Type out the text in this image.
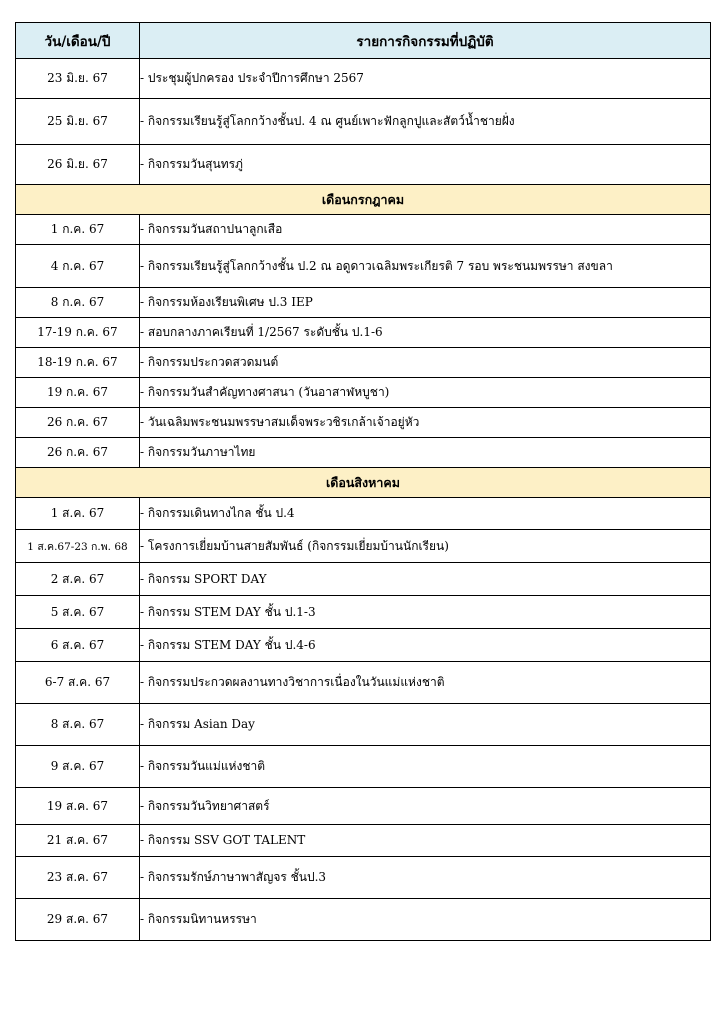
วัน/เดือน/ปี	รายการกิจกรรมที่ปฏิบัติ
23 มิ.ย. 67	- ประชุมผู้ปกครอง ประจำปีการศึกษา 2567
25 มิ.ย. 67	- กิจกรรมเรียนรู้สู่โลกกว้างชั้นป. 4 ณ ศูนย์เพาะฟักลูกปูและสัตว์น้ำชายฝั่ง
26 มิ.ย. 67	- กิจกรรมวันสุนทรภู่
เดือนกรกฎาคม	
1 ก.ค. 67	- กิจกรรมวันสถาปนาลูกเสือ
4 ก.ค. 67	- กิจกรรมเรียนรู้สู่โลกกว้างชั้น ป.2 ณ อดูดาวเฉลิมพระเกียรติ 7 รอบ พระชนมพรรษา สงขลา
8 ก.ค. 67	- กิจกรรมห้องเรียนพิเศษ ป.3 IEP
17-19 ก.ค. 67	- สอบกลางภาคเรียนที่ 1/2567 ระดับชั้น ป.1-6
18-19 ก.ค. 67	- กิจกรรมประกวดสวดมนต์
19 ก.ค. 67	- กิจกรรมวันสำคัญทางศาสนา (วันอาสาฬหบูชา)
26 ก.ค. 67	- วันเฉลิมพระชนมพรรษาสมเด็จพระวชิรเกล้าเจ้าอยู่หัว
26 ก.ค. 67	- กิจกรรมวันภาษาไทย
เดือนสิงหาคม	
1 ส.ค. 67	- กิจกรรมเดินทางไกล ชั้น ป.4
1 ส.ค.67-23 ก.พ. 68	- โครงการเยี่ยมบ้านสายสัมพันธ์ (กิจกรรมเยี่ยมบ้านนักเรียน)
2 ส.ค. 67	- กิจกรรม SPORT DAY
5 ส.ค. 67	- กิจกรรม STEM DAY ชั้น ป.1-3
6 ส.ค. 67	- กิจกรรม STEM DAY ชั้น ป.4-6
6-7 ส.ค. 67	- กิจกรรมประกวดผลงานทางวิชาการเนื่องในวันแม่แห่งชาติ
8 ส.ค. 67	- กิจกรรม Asian Day
9 ส.ค. 67	- กิจกรรมวันแม่แห่งชาติ
19 ส.ค. 67	- กิจกรรมวันวิทยาศาสตร์
21 ส.ค. 67	- กิจกรรม SSV GOT TALENT
23 ส.ค. 67	- กิจกรรมรักษ์ภาษาพาสัญจร ชั้นป.3
29 ส.ค. 67	- กิจกรรมนิทานหรรษา
